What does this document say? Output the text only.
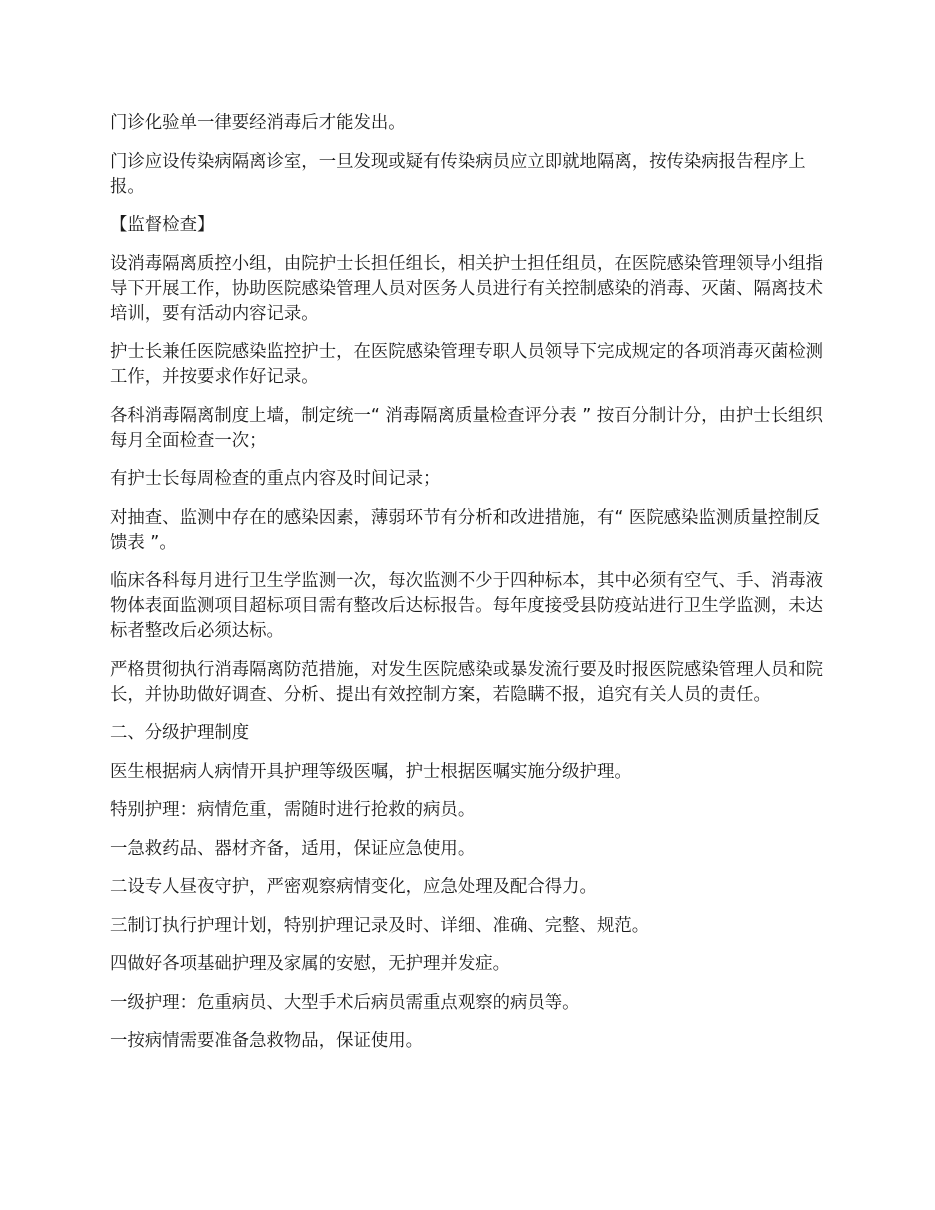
门诊化验单一律要经消毒后才能发出。

门诊应设传染病隔离诊室，一旦发现或疑有传染病员应立即就地隔离，按传染病报告程序上报。

【监督检查】

设消毒隔离质控小组，由院护士长担任组长，相关护士担任组员，在医院感染管理领导小组指导下开展工作，协助医院感染管理人员对医务人员进行有关控制感染的消毒、灭菌、隔离技术培训，要有活动内容记录。

护士长兼任医院感染监控护士，在医院感染管理专职人员领导下完成规定的各项消毒灭菌检测工作，并按要求作好记录。

各科消毒隔离制度上墙，制定统一“ 消毒隔离质量检查评分表 ” 按百分制计分，由护士长组织每月全面检查一次；

有护士长每周检查的重点内容及时间记录；

对抽查、监测中存在的感染因素，薄弱环节有分析和改进措施，有“ 医院感染监测质量控制反馈表 ”。

临床各科每月进行卫生学监测一次，每次监测不少于四种标本，其中必须有空气、手、消毒液物体表面监测项目超标项目需有整改后达标报告。每年度接受县防疫站进行卫生学监测，未达标者整改后必须达标。

严格贯彻执行消毒隔离防范措施，对发生医院感染或暴发流行要及时报医院感染管理人员和院长，并协助做好调查、分析、提出有效控制方案，若隐瞒不报，追究有关人员的责任。

二、分级护理制度

医生根据病人病情开具护理等级医嘱，护士根据医嘱实施分级护理。

特别护理：病情危重，需随时进行抢救的病员。

一急救药品、器材齐备，适用，保证应急使用。

二设专人昼夜守护，严密观察病情变化，应急处理及配合得力。

三制订执行护理计划，特别护理记录及时、详细、准确、完整、规范。

四做好各项基础护理及家属的安慰，无护理并发症。

一级护理：危重病员、大型手术后病员需重点观察的病员等。

一按病情需要准备急救物品，保证使用。
